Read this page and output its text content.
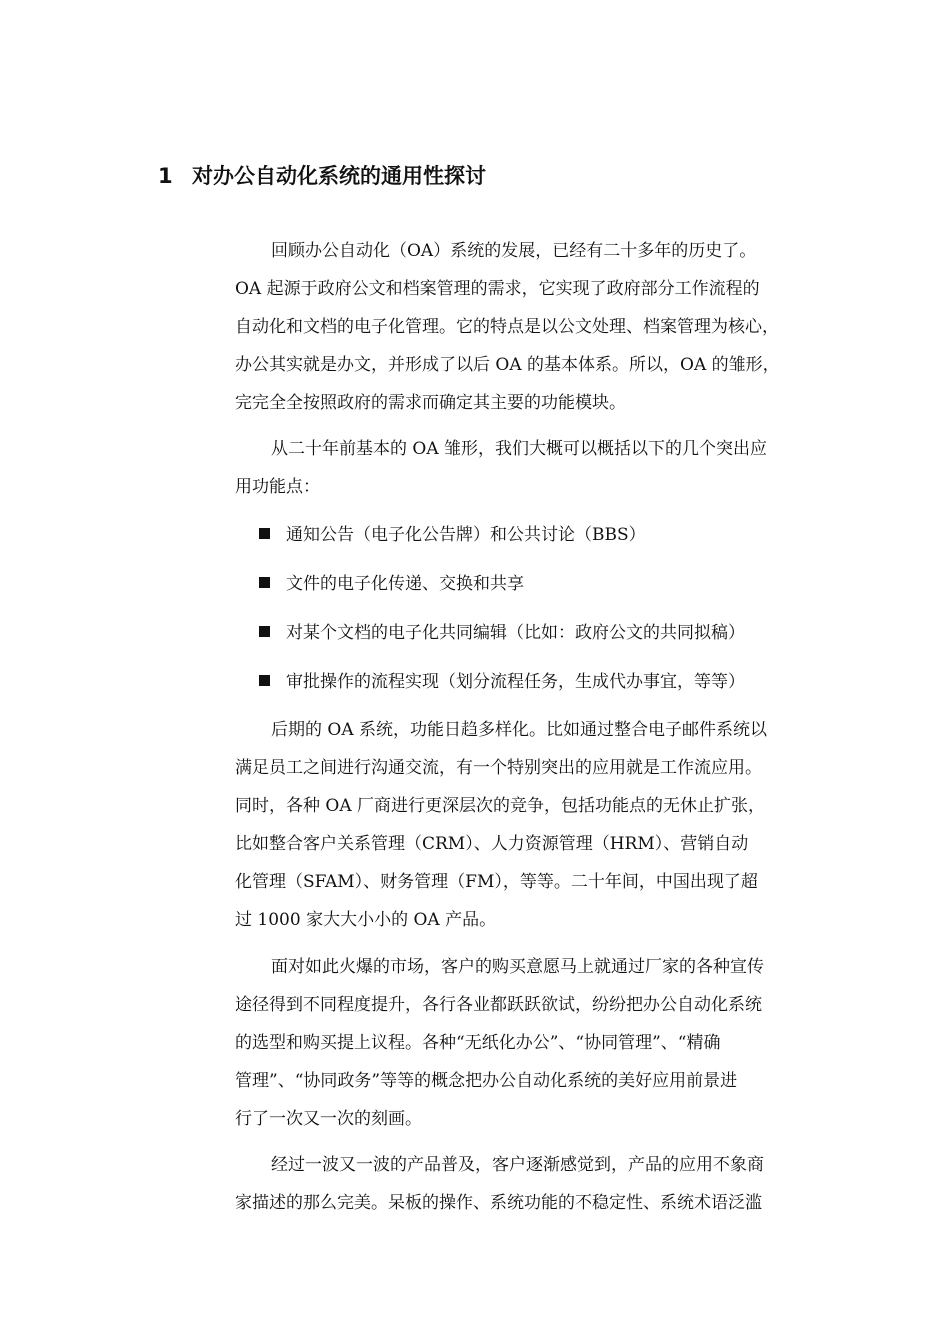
1 对办公自动化系统的通用性探讨
回顾办公自动化（OA）系统的发展，已经有二十多年的历史了。
OA 起源于政府公文和档案管理的需求，它实现了政府部分工作流程的
自动化和文档的电子化管理。它的特点是以公文处理、档案管理为核心，
办公其实就是办文，并形成了以后 OA 的基本体系。所以，OA 的雏形，
完完全全按照政府的需求而确定其主要的功能模块。
从二十年前基本的 OA 雏形，我们大概可以概括以下的几个突出应
用功能点：
通知公告（电子化公告牌）和公共讨论（BBS）
文件的电子化传递、交换和共享
对某个文档的电子化共同编辑（比如：政府公文的共同拟稿）
审批操作的流程实现（划分流程任务，生成代办事宜，等等）
后期的 OA 系统，功能日趋多样化。比如通过整合电子邮件系统以
满足员工之间进行沟通交流，有一个特别突出的应用就是工作流应用。
同时，各种 OA 厂商进行更深层次的竞争，包括功能点的无休止扩张，
比如整合客户关系管理（CRM）、人力资源管理（HRM）、营销自动
化管理（SFAM）、财务管理（FM），等等。二十年间，中国出现了超
过 1000 家大大小小的 OA 产品。
面对如此火爆的市场，客户的购买意愿马上就通过厂家的各种宣传
途径得到不同程度提升，各行各业都跃跃欲试，纷纷把办公自动化系统
的选型和购买提上议程。各种“无纸化办公”、“协同管理”、“精确
管理”、“协同政务”等等的概念把办公自动化系统的美好应用前景进
行了一次又一次的刻画。
经过一波又一波的产品普及，客户逐渐感觉到，产品的应用不象商
家描述的那么完美。呆板的操作、系统功能的不稳定性、系统术语泛滥
